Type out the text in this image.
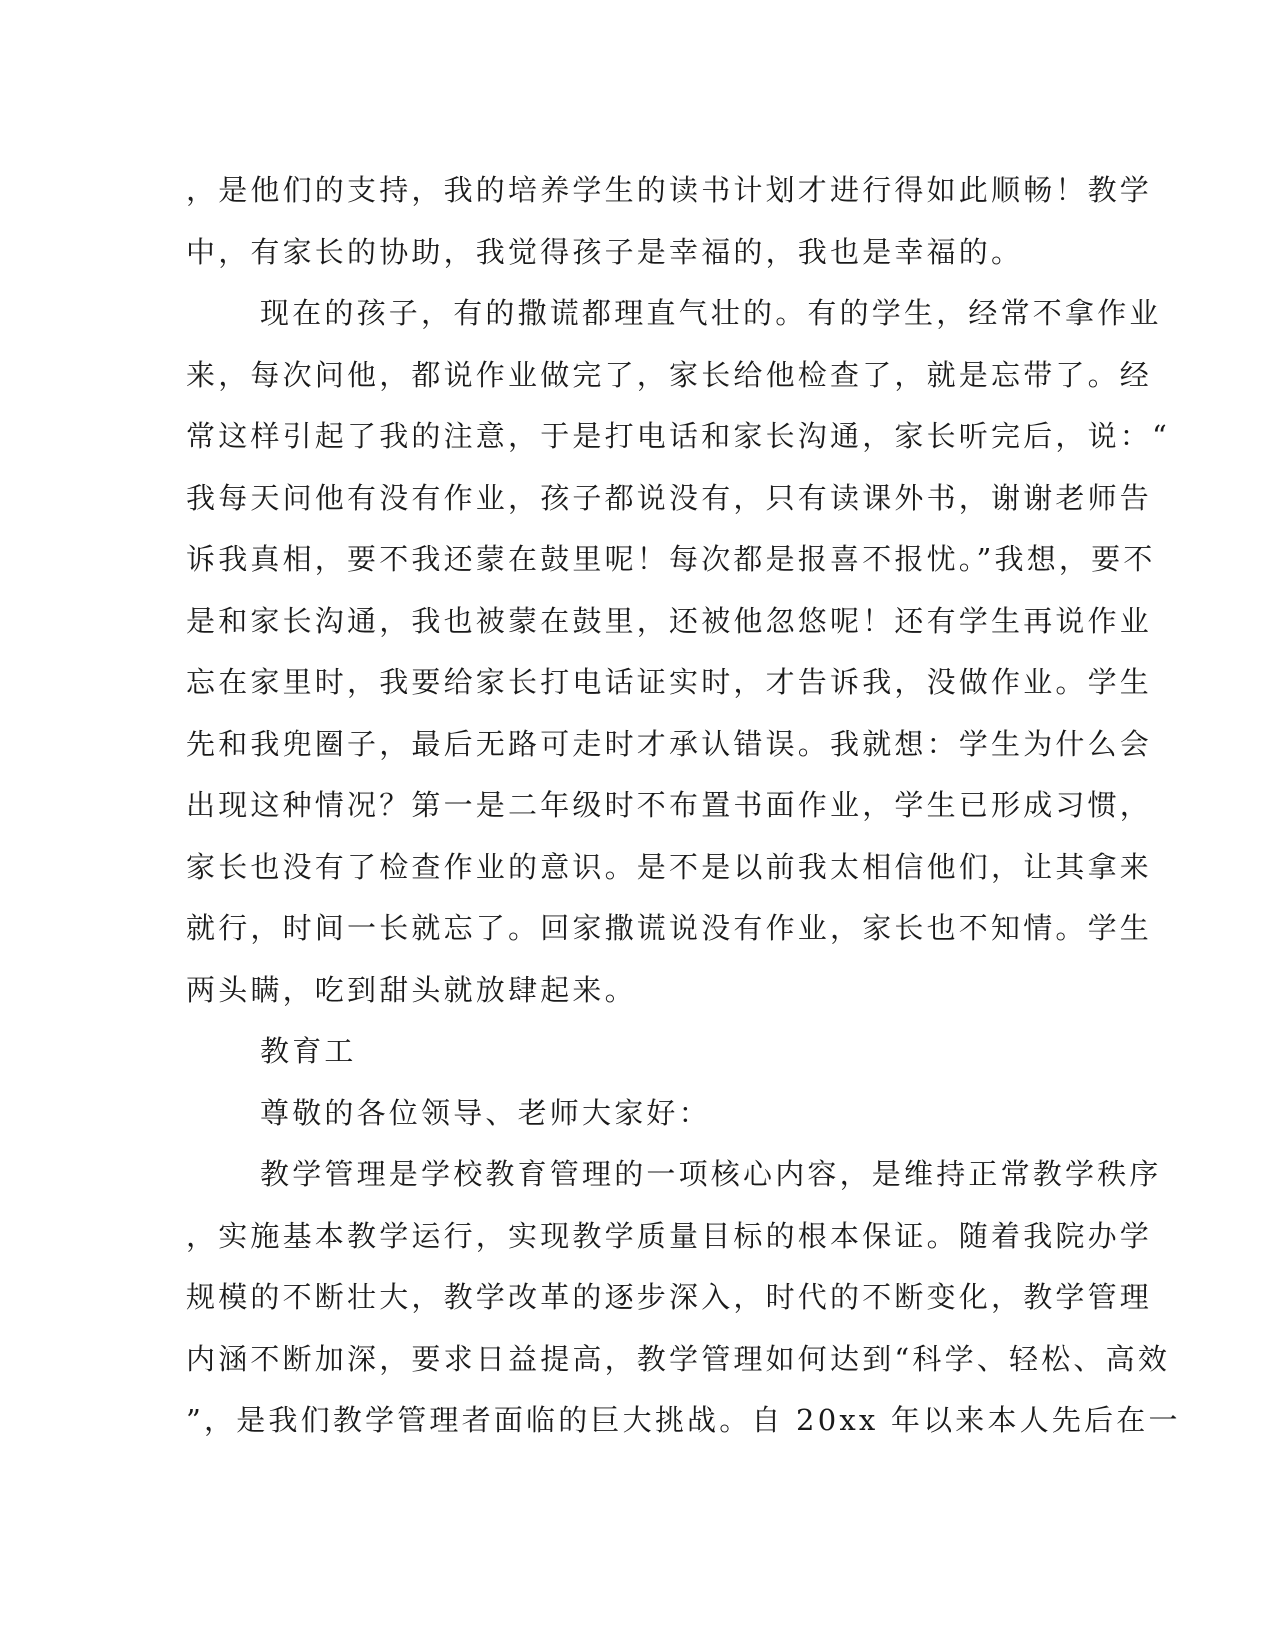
，是他们的支持，我的培养学生的读书计划才进行得如此顺畅！教学
中，有家长的协助，我觉得孩子是幸福的，我也是幸福的。
现在的孩子，有的撒谎都理直气壮的。有的学生，经常不拿作业
来，每次问他，都说作业做完了，家长给他检查了，就是忘带了。经
常这样引起了我的注意，于是打电话和家长沟通，家长听完后，说：“
我每天问他有没有作业，孩子都说没有，只有读课外书，谢谢老师告
诉我真相，要不我还蒙在鼓里呢！每次都是报喜不报忧。”我想，要不
是和家长沟通，我也被蒙在鼓里，还被他忽悠呢！还有学生再说作业
忘在家里时，我要给家长打电话证实时，才告诉我，没做作业。学生
先和我兜圈子，最后无路可走时才承认错误。我就想：学生为什么会
出现这种情况？第一是二年级时不布置书面作业，学生已形成习惯，
家长也没有了检查作业的意识。是不是以前我太相信他们，让其拿来
就行，时间一长就忘了。回家撒谎说没有作业，家长也不知情。学生
两头瞒，吃到甜头就放肆起来。
教育工
尊敬的各位领导、老师大家好：
教学管理是学校教育管理的一项核心内容，是维持正常教学秩序
，实施基本教学运行，实现教学质量目标的根本保证。随着我院办学
规模的不断壮大，教学改革的逐步深入，时代的不断变化，教学管理
内涵不断加深，要求日益提高，教学管理如何达到“科学、轻松、高效
”，是我们教学管理者面临的巨大挑战。自 20xx 年以来本人先后在一
